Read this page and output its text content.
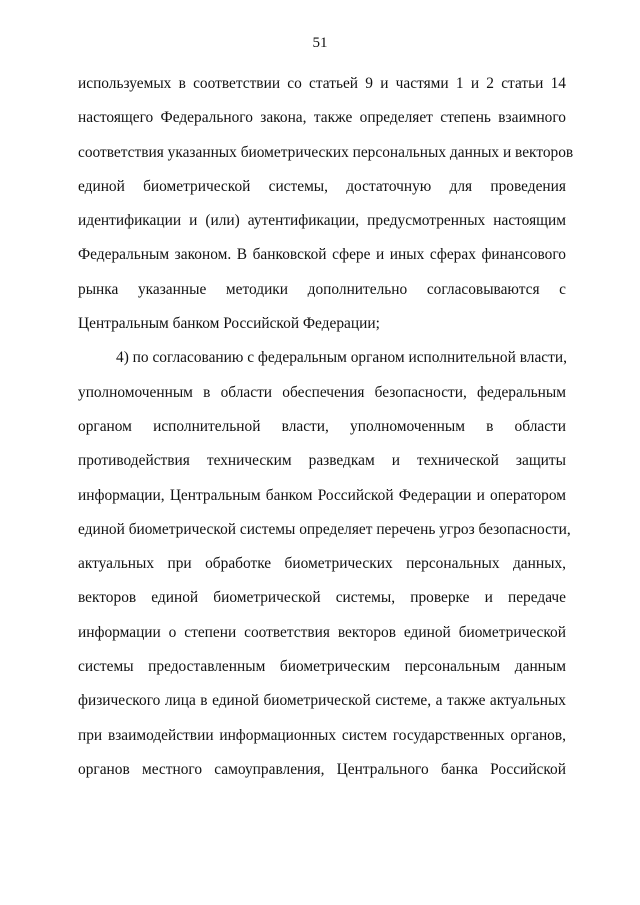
51
используемых в соответствии со статьей 9 и частями 1 и 2 статьи 14
настоящего Федерального закона, также определяет степень взаимного
соответствия указанных биометрических персональных данных и векторов
единой биометрической системы, достаточную для проведения
идентификации и (или) аутентификации, предусмотренных настоящим
Федеральным законом. В банковской сфере и иных сферах финансового
рынка указанные методики дополнительно согласовываются с
Центральным банком Российской Федерации;
4) по согласованию с федеральным органом исполнительной власти,
уполномоченным в области обеспечения безопасности, федеральным
органом исполнительной власти, уполномоченным в области
противодействия техническим разведкам и технической защиты
информации, Центральным банком Российской Федерации и оператором
единой биометрической системы определяет перечень угроз безопасности,
актуальных при обработке биометрических персональных данных,
векторов единой биометрической системы, проверке и передаче
информации о степени соответствия векторов единой биометрической
системы предоставленным биометрическим персональным данным
физического лица в единой биометрической системе, а также актуальных
при взаимодействии информационных систем государственных органов,
органов местного самоуправления, Центрального банка Российской
